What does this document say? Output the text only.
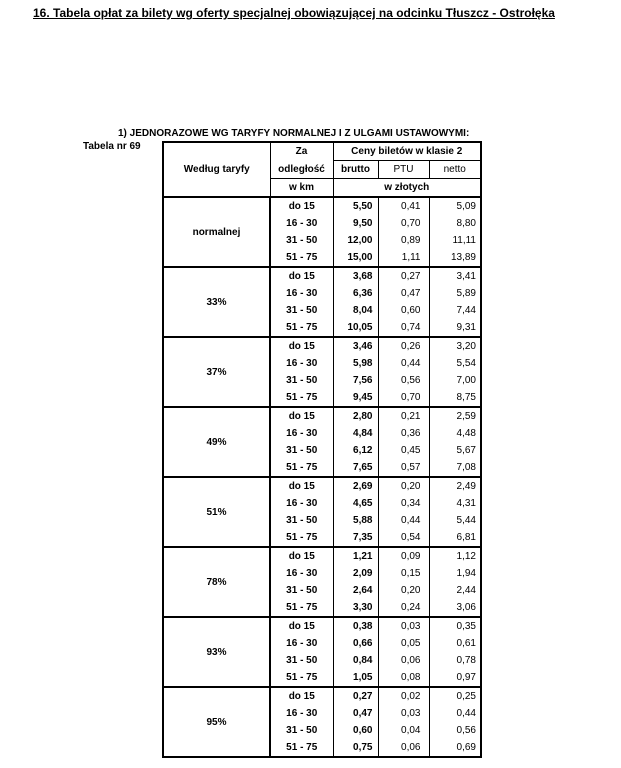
16. Tabela opłat za bilety wg oferty specjalnej obowiązującej na odcinku Tłuszcz - Ostrołęka
1) JEDNORAZOWE WG TARYFY NORMALNEJ I Z ULGAMI USTAWOWYMI:
Tabela nr 69
Według taryfy	Za	Ceny biletów w klasie 2		
	odległość	brutto	PTU	netto
	w km	w złotych		
normalnej	do 15	5,50	0,41	5,09
	16 - 30	9,50	0,70	8,80
	31 - 50	12,00	0,89	11,11
	51 - 75	15,00	1,11	13,89
33%	do 15	3,68	0,27	3,41
	16 - 30	6,36	0,47	5,89
	31 - 50	8,04	0,60	7,44
	51 - 75	10,05	0,74	9,31
37%	do 15	3,46	0,26	3,20
	16 - 30	5,98	0,44	5,54
	31 - 50	7,56	0,56	7,00
	51 - 75	9,45	0,70	8,75
49%	do 15	2,80	0,21	2,59
	16 - 30	4,84	0,36	4,48
	31 - 50	6,12	0,45	5,67
	51 - 75	7,65	0,57	7,08
51%	do 15	2,69	0,20	2,49
	16 - 30	4,65	0,34	4,31
	31 - 50	5,88	0,44	5,44
	51 - 75	7,35	0,54	6,81
78%	do 15	1,21	0,09	1,12
	16 - 30	2,09	0,15	1,94
	31 - 50	2,64	0,20	2,44
	51 - 75	3,30	0,24	3,06
93%	do 15	0,38	0,03	0,35
	16 - 30	0,66	0,05	0,61
	31 - 50	0,84	0,06	0,78
	51 - 75	1,05	0,08	0,97
95%	do 15	0,27	0,02	0,25
	16 - 30	0,47	0,03	0,44
	31 - 50	0,60	0,04	0,56
	51 - 75	0,75	0,06	0,69
